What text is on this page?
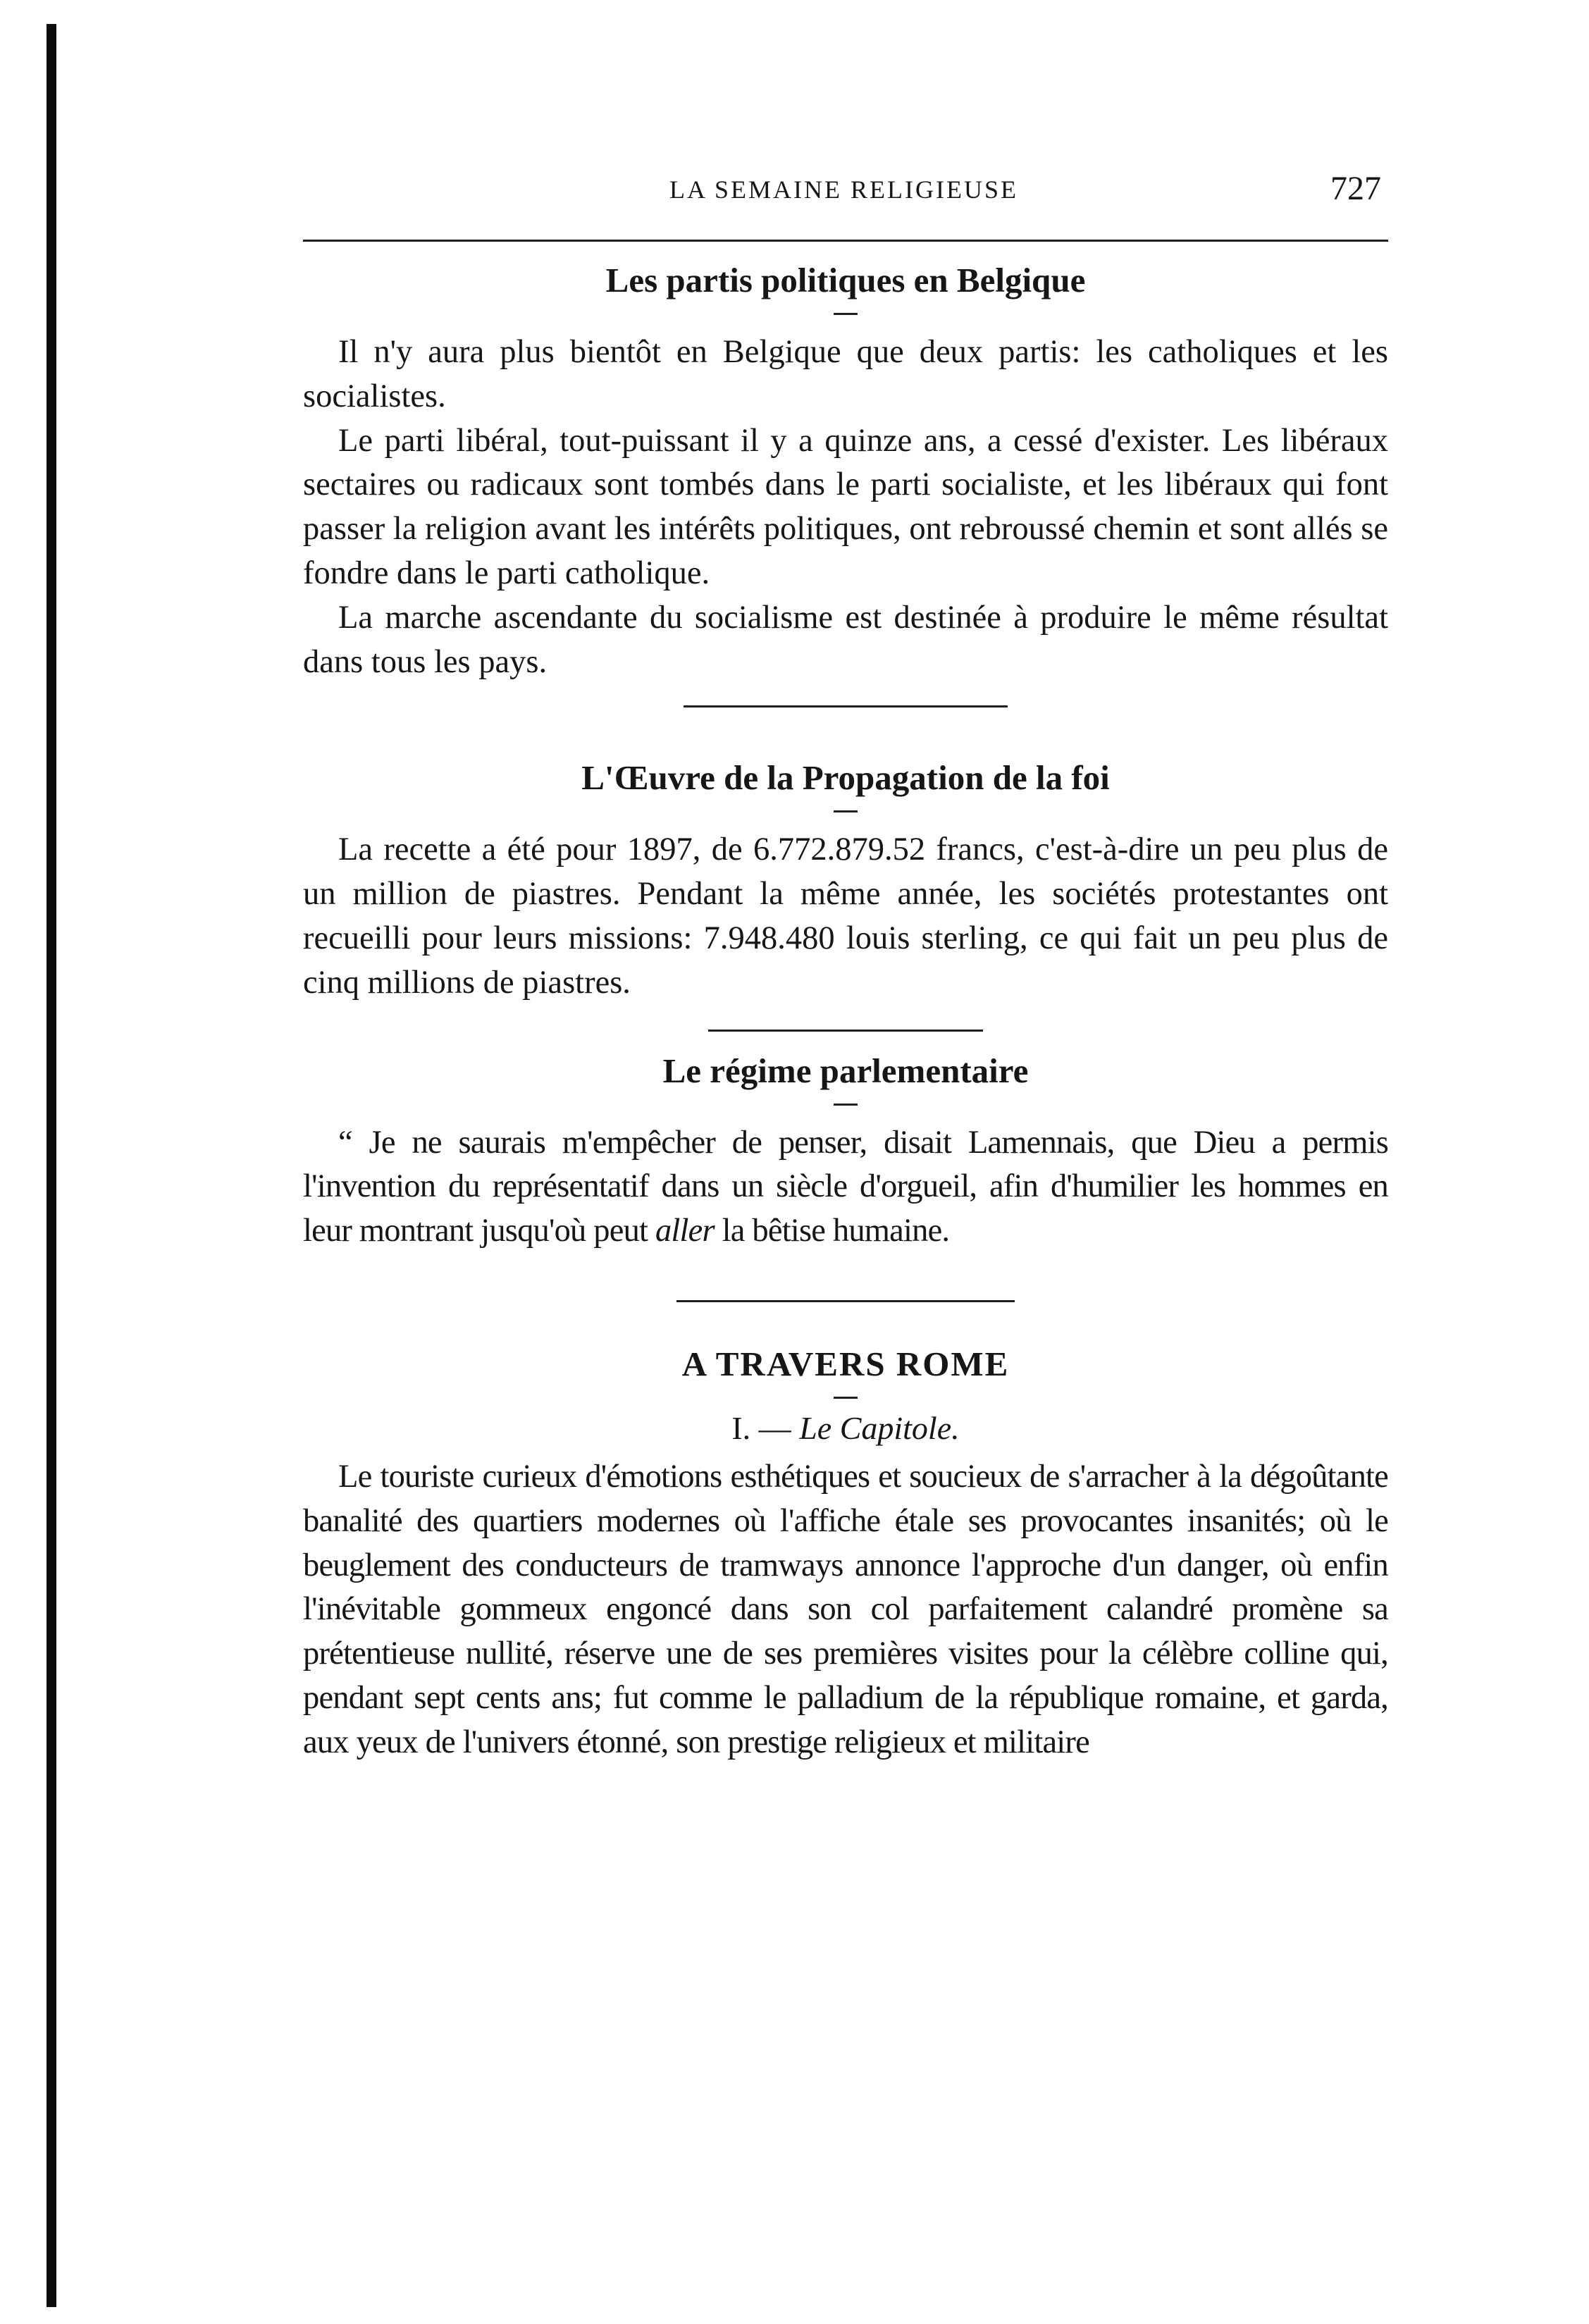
LA SEMAINE RELIGIEUSE	727
Les partis politiques en Belgique

Il n'y aura plus bientôt en Belgique que deux partis: les catholiques et les socialistes.

Le parti libéral, tout-puissant il y a quinze ans, a cessé d'exister. Les libéraux sectaires ou radicaux sont tombés dans le parti socialiste, et les libéraux qui font passer la religion avant les intérêts politiques, ont rebroussé chemin et sont allés se fondre dans le parti catholique.

La marche ascendante du socialisme est destinée à produire le même résultat dans tous les pays.

L'Œuvre de la Propagation de la foi

La recette a été pour 1897, de 6.772.879.52 francs, c'est-à-dire un peu plus de un million de piastres. Pendant la même année, les sociétés protestantes ont recueilli pour leurs missions: 7.948.480 louis sterling, ce qui fait un peu plus de cinq millions de piastres.

Le régime parlementaire

“ Je ne saurais m'empêcher de penser, disait Lamennais, que Dieu a permis l'invention du représentatif dans un siècle d'orgueil, afin d'humilier les hommes en leur montrant jusqu'où peut aller la bêtise humaine.

A TRAVERS ROME
I. — Le Capitole.

Le touriste curieux d'émotions esthétiques et soucieux de s'arracher à la dégoûtante banalité des quartiers modernes où l'affiche étale ses provocantes insanités; où le beuglement des conducteurs de tramways annonce l'approche d'un danger, où enfin l'inévitable gommeux engoncé dans son col parfaitement calandré promène sa prétentieuse nullité, réserve une de ses premières visites pour la célèbre colline qui, pendant sept cents ans; fut comme le palladium de la république romaine, et garda, aux yeux de l'univers étonné, son prestige religieux et militaire
